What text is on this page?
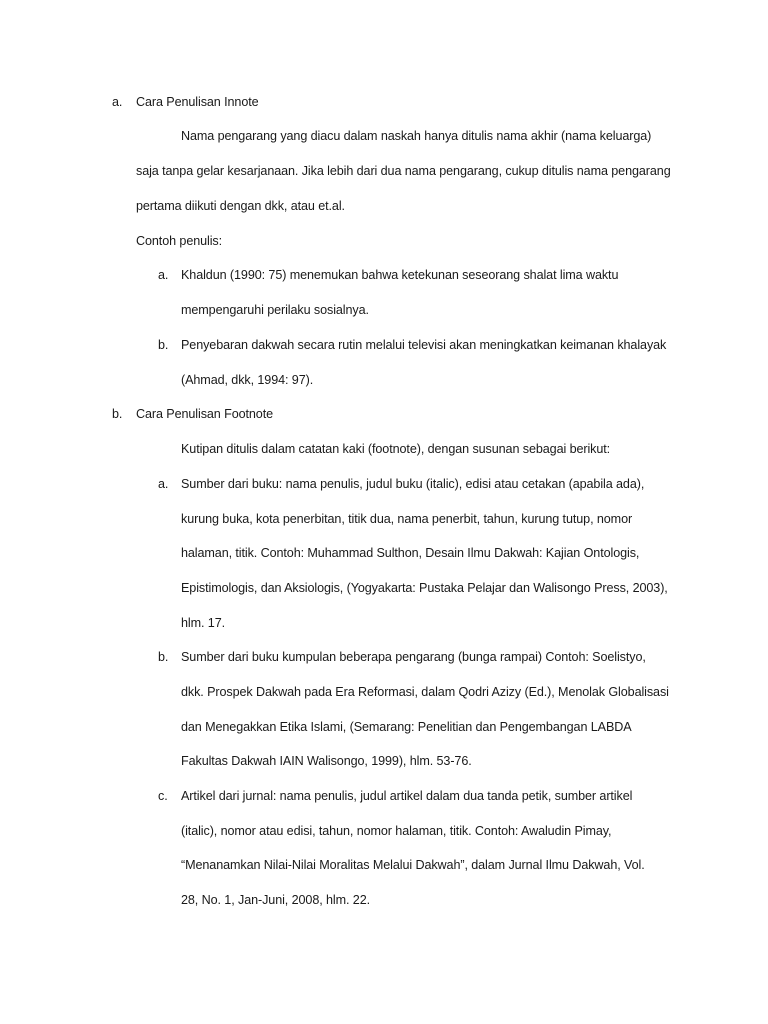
a. Cara Penulisan Innote
Nama pengarang yang diacu dalam naskah hanya ditulis nama akhir (nama keluarga)
saja tanpa gelar kesarjanaan. Jika lebih dari dua nama pengarang, cukup ditulis nama pengarang
pertama diikuti dengan dkk, atau et.al.
Contoh penulis:
a. Khaldun (1990: 75) menemukan bahwa ketekunan seseorang shalat lima waktu
mempengaruhi perilaku sosialnya.
b. Penyebaran dakwah secara rutin melalui televisi akan meningkatkan keimanan khalayak
(Ahmad, dkk, 1994: 97).
b. Cara Penulisan Footnote
Kutipan ditulis dalam catatan kaki (footnote), dengan susunan sebagai berikut:
a. Sumber dari buku: nama penulis, judul buku (italic), edisi atau cetakan (apabila ada),
kurung buka, kota penerbitan, titik dua, nama penerbit, tahun, kurung tutup, nomor
halaman, titik. Contoh: Muhammad Sulthon, Desain Ilmu Dakwah: Kajian Ontologis,
Epistimologis, dan Aksiologis, (Yogyakarta: Pustaka Pelajar dan Walisongo Press, 2003),
hlm. 17.
b. Sumber dari buku kumpulan beberapa pengarang (bunga rampai) Contoh: Soelistyo,
dkk. Prospek Dakwah pada Era Reformasi, dalam Qodri Azizy (Ed.), Menolak Globalisasi
dan Menegakkan Etika Islami, (Semarang: Penelitian dan Pengembangan LABDA
Fakultas Dakwah IAIN Walisongo, 1999), hlm. 53-76.
c. Artikel dari jurnal: nama penulis, judul artikel dalam dua tanda petik, sumber artikel
(italic), nomor atau edisi, tahun, nomor halaman, titik. Contoh: Awaludin Pimay,
“Menanamkan Nilai-Nilai Moralitas Melalui Dakwah”, dalam Jurnal Ilmu Dakwah, Vol.
28, No. 1, Jan-Juni, 2008, hlm. 22.
